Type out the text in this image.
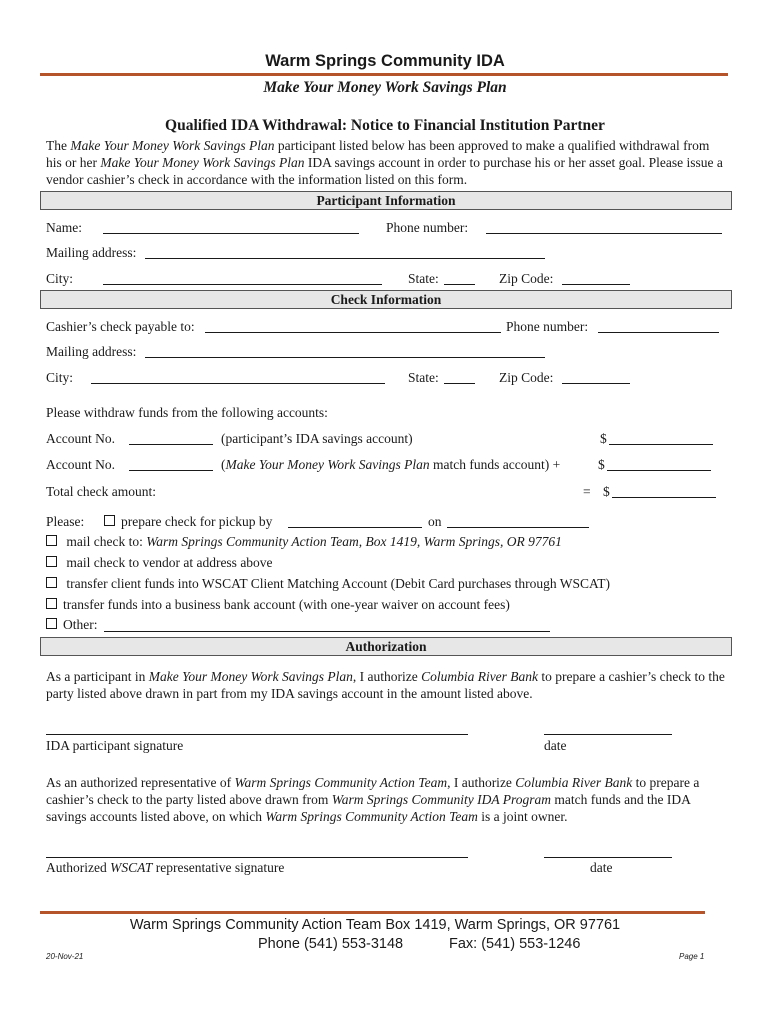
Warm Springs Community IDA
Make Your Money Work Savings Plan
Qualified IDA Withdrawal: Notice to Financial Institution Partner
The Make Your Money Work Savings Plan participant listed below has been approved to make a qualified withdrawal from his or her Make Your Money Work Savings Plan IDA savings account in order to purchase his or her asset goal. Please issue a vendor cashier’s check in accordance with the information listed on this form.
Participant Information
Name:	Phone number:
Mailing address:
City:	State:	Zip Code:
Check Information
Cashier’s check payable to:	Phone number:
Mailing address:
City:	State:	Zip Code:
Please withdraw funds from the following accounts:
Account No.	(participant’s IDA savings account)	$
Account No.	(Make Your Money Work Savings Plan match funds account) +	$
Total check amount:	= $
Please:	prepare check for pickup by	on
mail check to: Warm Springs Community Action Team, Box 1419, Warm Springs, OR 97761
mail check to vendor at address above
transfer client funds into WSCAT Client Matching Account (Debit Card purchases through WSCAT)
transfer funds into a business bank account (with one-year waiver on account fees)
Other:
Authorization
As a participant in Make Your Money Work Savings Plan, I authorize Columbia River Bank to prepare a cashier’s check to the party listed above drawn in part from my IDA savings account in the amount listed above.
IDA participant signature	date
As an authorized representative of Warm Springs Community Action Team, I authorize Columbia River Bank to prepare a cashier’s check to the party listed above drawn from Warm Springs Community IDA Program match funds and the IDA savings accounts listed above, on which Warm Springs Community Action Team is a joint owner.
Authorized WSCAT representative signature	date
Warm Springs Community Action Team Box 1419, Warm Springs, OR 97761
Phone (541) 553-3148	Fax: (541) 553-1246
20-Nov-21	Page 1
